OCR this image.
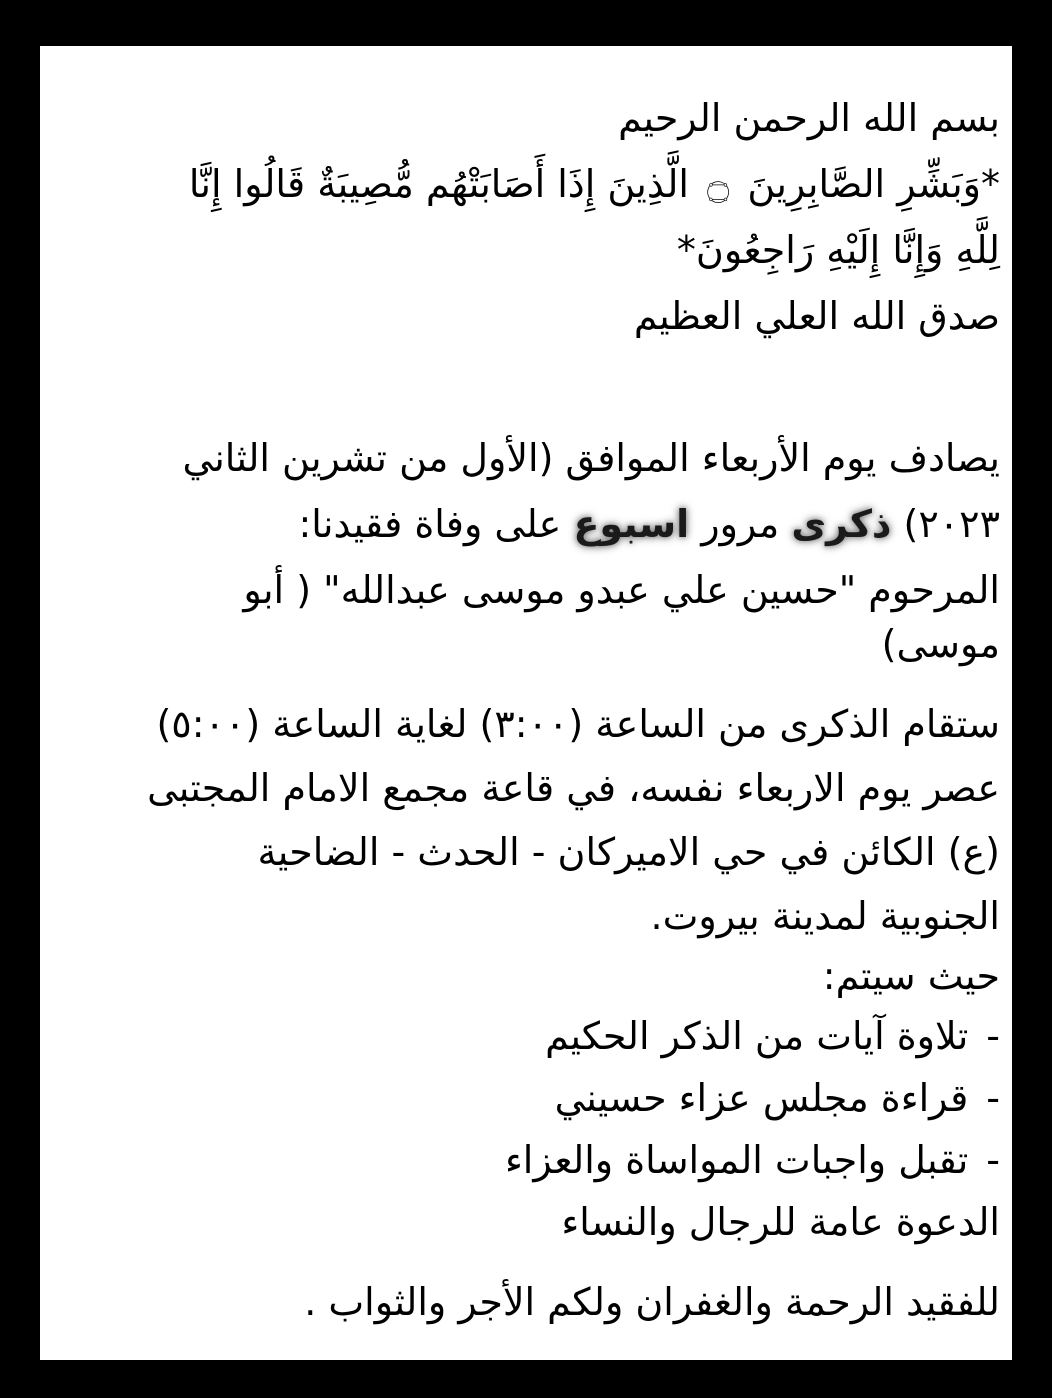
بسم الله الرحمن الرحيم
*وَبَشِّرِ الصَّابِرِينَ ۝ الَّذِينَ إِذَا أَصَابَتْهُم مُّصِيبَةٌ قَالُوا إِنَّا
لِلَّهِ وَإِنَّا إِلَيْهِ رَاجِعُونَ*
صدق الله العلي العظيم
يصادف يوم الأربعاء الموافق (الأول من تشرين الثاني
٢٠٢٣) ذكرى مرور اسبوع على وفاة فقيدنا:
المرحوم "حسين علي عبدو موسى عبدالله" ( أبو
موسى)
ستقام الذكرى من الساعة (٣:٠٠) لغاية الساعة (٥:٠٠)
عصر يوم الاربعاء نفسه، في قاعة مجمع الامام المجتبى
(ع) الكائن في حي الاميركان - الحدث - الضاحية
الجنوبية لمدينة بيروت.
حيث سيتم:
-تلاوة آيات من الذكر الحكيم
-قراءة مجلس عزاء حسيني
-تقبل واجبات المواساة والعزاء
الدعوة عامة للرجال والنساء
للفقيد الرحمة والغفران ولكم الأجر والثواب .
